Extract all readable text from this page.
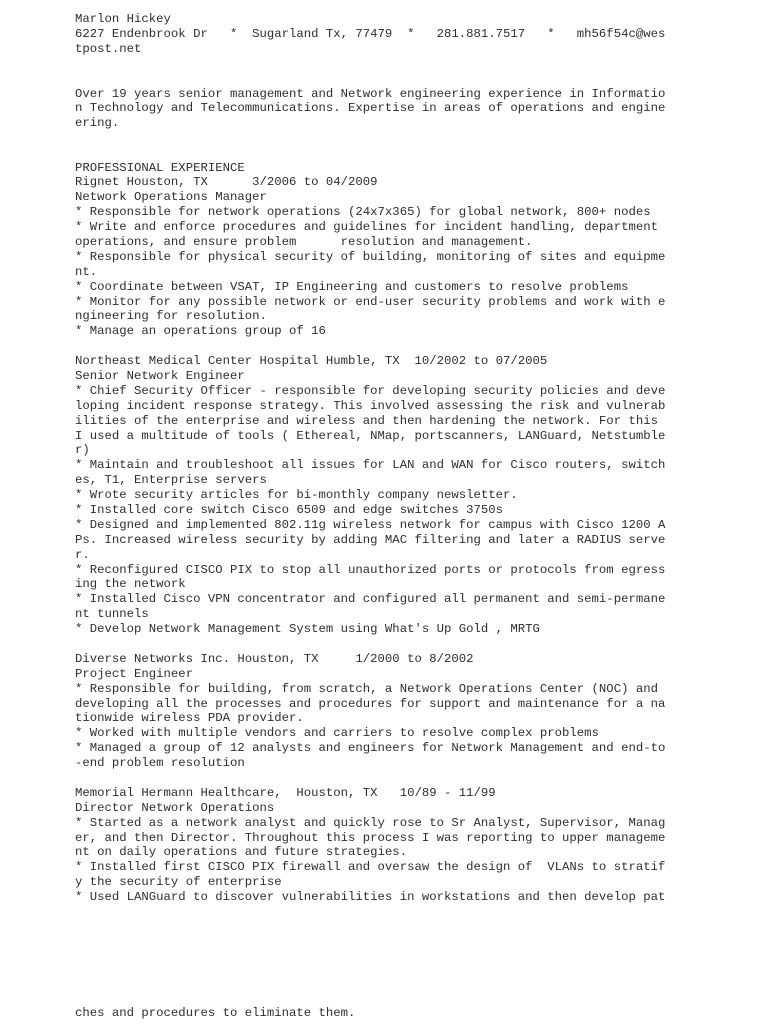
Marlon Hickey
6227 Endenbrook Dr   *  Sugarland Tx, 77479  *   281.881.7517   *   mh56f54c@wes
tpost.net
Over 19 years senior management and Network engineering experience in Informatio
n Technology and Telecommunications. Expertise in areas of operations and engine
ering.
PROFESSIONAL EXPERIENCE
Rignet Houston, TX      3/2006 to 04/2009
Network Operations Manager
* Responsible for network operations (24x7x365) for global network, 800+ nodes
* Write and enforce procedures and guidelines for incident handling, department
operations, and ensure problem      resolution and management.
* Responsible for physical security of building, monitoring of sites and equipme
nt.
* Coordinate between VSAT, IP Engineering and customers to resolve problems
* Monitor for any possible network or end-user security problems and work with e
ngineering for resolution.
* Manage an operations group of 16
Northeast Medical Center Hospital Humble, TX  10/2002 to 07/2005
Senior Network Engineer
* Chief Security Officer - responsible for developing security policies and deve
loping incident response strategy. This involved assessing the risk and vulnerab
ilities of the enterprise and wireless and then hardening the network. For this
I used a multitude of tools ( Ethereal, NMap, portscanners, LANGuard, Netstumble
r)
* Maintain and troubleshoot all issues for LAN and WAN for Cisco routers, switch
es, T1, Enterprise servers
* Wrote security articles for bi-monthly company newsletter.
* Installed core switch Cisco 6509 and edge switches 3750s
* Designed and implemented 802.11g wireless network for campus with Cisco 1200 A
Ps. Increased wireless security by adding MAC filtering and later a RADIUS serve
r.
* Reconfigured CISCO PIX to stop all unauthorized ports or protocols from egress
ing the network
* Installed Cisco VPN concentrator and configured all permanent and semi-permane
nt tunnels
* Develop Network Management System using What's Up Gold , MRTG
Diverse Networks Inc. Houston, TX     1/2000 to 8/2002
Project Engineer
* Responsible for building, from scratch, a Network Operations Center (NOC) and
developing all the processes and procedures for support and maintenance for a na
tionwide wireless PDA provider.
* Worked with multiple vendors and carriers to resolve complex problems
* Managed a group of 12 analysts and engineers for Network Management and end-to
-end problem resolution
Memorial Hermann Healthcare,  Houston, TX   10/89 - 11/99
Director Network Operations
* Started as a network analyst and quickly rose to Sr Analyst, Supervisor, Manag
er, and then Director. Throughout this process I was reporting to upper manageme
nt on daily operations and future strategies.
* Installed first CISCO PIX firewall and oversaw the design of  VLANs to stratif
y the security of enterprise
* Used LANGuard to discover vulnerabilities in workstations and then develop pat
ches and procedures to eliminate them.
